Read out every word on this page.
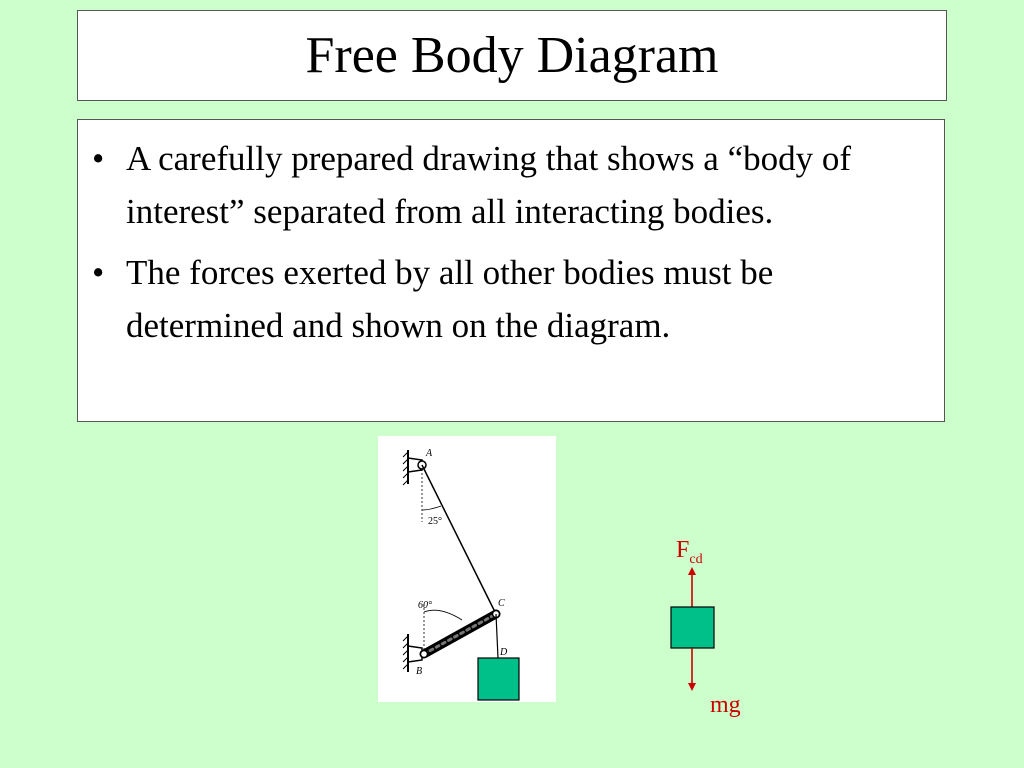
Free Body Diagram
• A carefully prepared drawing that shows a “body of interest” separated from all interacting bodies.
• The forces exerted by all other bodies must be determined and shown on the diagram.
A
25°
60°	C
B
D
$F_{cd}$
mg
